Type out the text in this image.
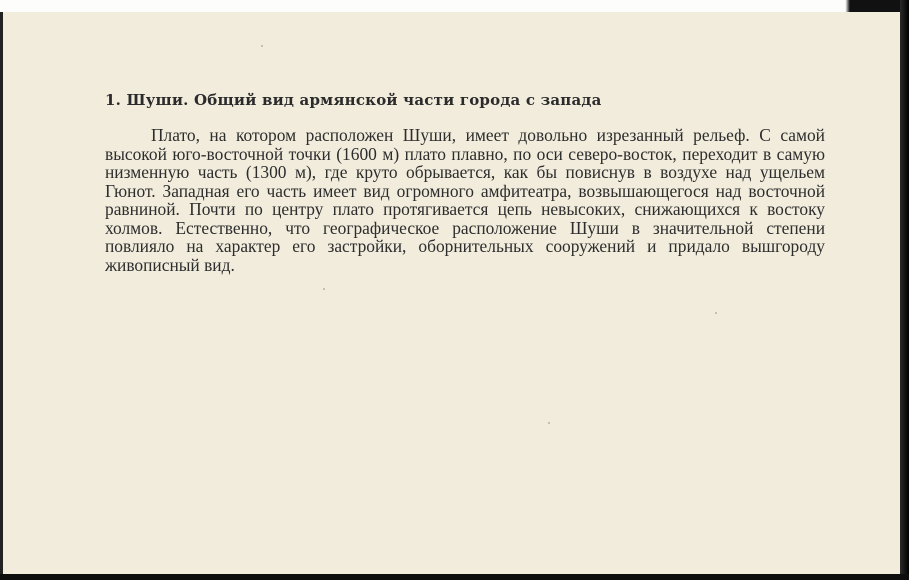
1. Шуши. Общий вид армянской части города с запада

Плато, на котором расположен Шуши, имеет довольно изрезанный рельеф. С самой высокой юго-восточной точки (1600 м) плато плавно, по оси северо-восток, переходит в самую низменную часть (1300 м), где круто обрывается, как бы повиснув в воздухе над ущельем Гюнот. Западная его часть имеет вид огромного амфитеатра, возвышающегося над восточной равниной. Почти по центру плато протягивается цепь невысоких, снижающихся к востоку холмов. Естественно, что географическое расположение Шуши в значительной степени повлияло на характер его застройки, оборнительных сооружений и придало вышгороду живописный вид.
